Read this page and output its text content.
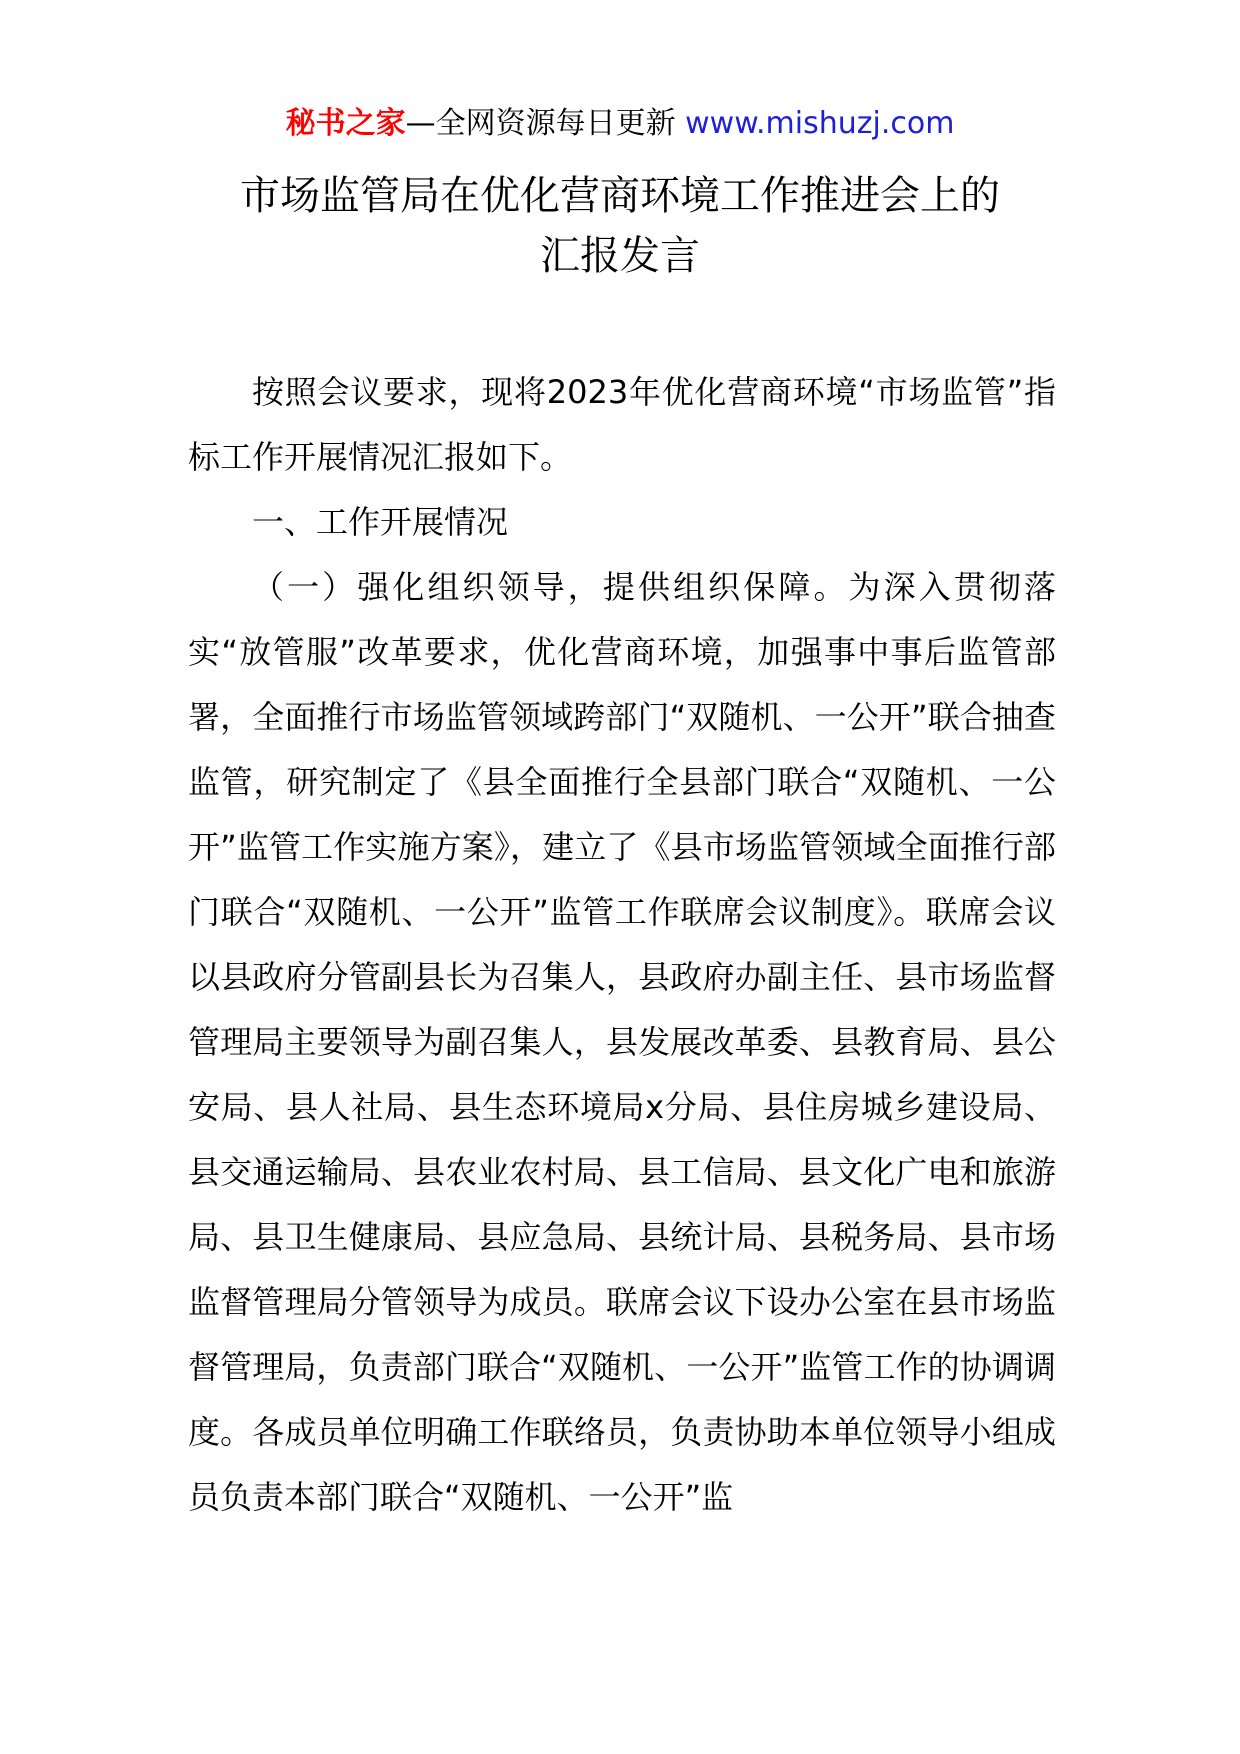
秘书之家—全网资源每日更新 www.mishuzj.com
市场监管局在优化营商环境工作推进会上的
汇报发言

按照会议要求，现将2023年优化营商环境“市场监管”指标工作开展情况汇报如下。

一、工作开展情况

（一）强化组织领导，提供组织保障。为深入贯彻落实“放管服”改革要求，优化营商环境，加强事中事后监管部署，全面推行市场监管领域跨部门“双随机、一公开”联合抽查监管，研究制定了《县全面推行全县部门联合“双随机、一公开”监管工作实施方案》，建立了《县市场监管领域全面推行部门联合“双随机、一公开”监管工作联席会议制度》。联席会议以县政府分管副县长为召集人，县政府办副主任、县市场监督管理局主要领导为副召集人，县发展改革委、县教育局、县公安局、县人社局、县生态环境局x分局、县住房城乡建设局、县交通运输局、县农业农村局、县工信局、县文化广电和旅游局、县卫生健康局、县应急局、县统计局、县税务局、县市场监督管理局分管领导为成员。联席会议下设办公室在县市场监督管理局，负责部门联合“双随机、一公开”监管工作的协调调度。各成员单位明确工作联络员，负责协助本单位领导小组成员负责本部门联合“双随机、一公开”监
